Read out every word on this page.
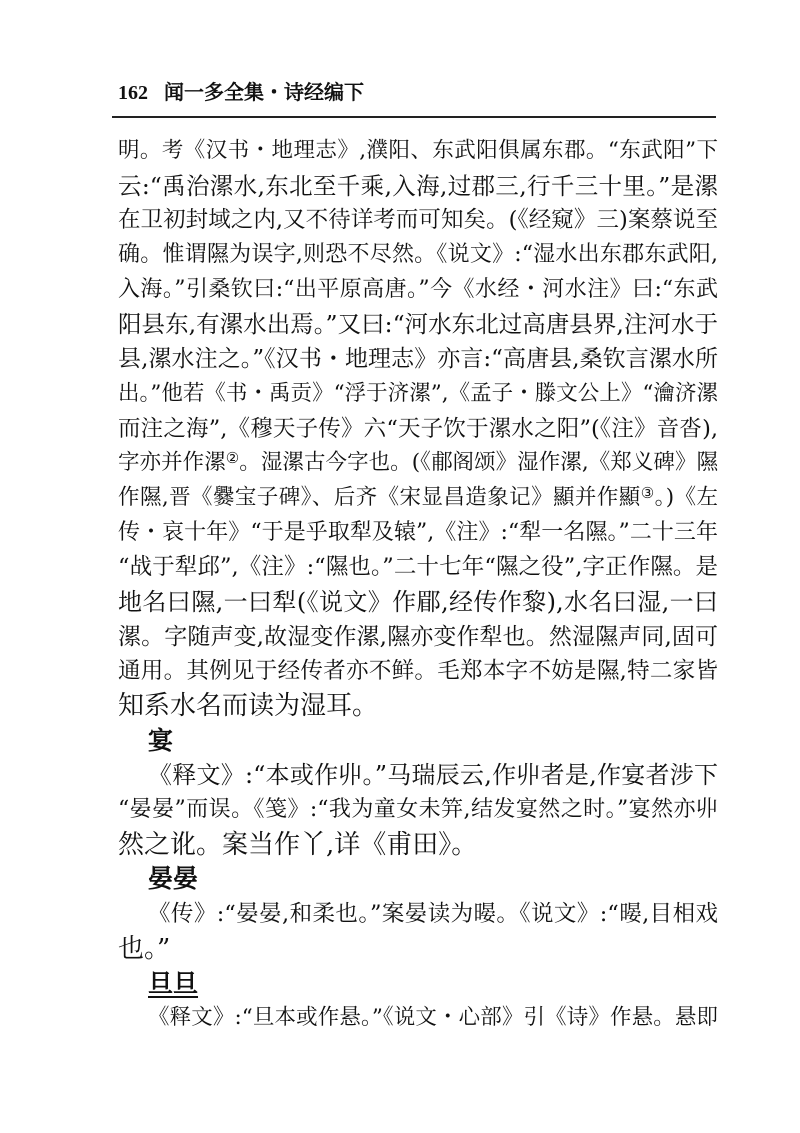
162 闻一多全集・诗经编下
明。考《汉书・地理志》,濮阳、东武阳俱属东郡。“东武阳”下
云:“禹治漯水,东北至千乘,入海,过郡三,行千三十里。”是漯
在卫初封域之内,又不待详考而可知矣。(《经窥》三)案蔡说至
确。惟谓隰为误字,则恐不尽然。《说文》:“湿水出东郡东武阳,
入海。”引桑钦曰:“出平原高唐。”今《水经・河水注》曰:“东武
阳县东,有漯水出焉。”又曰:“河水东北过高唐县界,注河水于
县,漯水注之。”《汉书・地理志》亦言:“高唐县,桑钦言漯水所
出。”他若《书・禹贡》“浮于济漯”,《孟子・滕文公上》“瀹济漯
而注之海”,《穆天子传》六“天子饮于漯水之阳”(《注》音沓),
字亦并作漯②。湿漯古今字也。(《郙阁颂》湿作漯,《郑义碑》隰
作隰,晋《爨宝子碑》、后齐《宋显昌造象记》顯并作顯③。)《左
传・哀十年》“于是乎取犁及辕”,《注》:“犁一名隰。”二十三年
“战于犁邱”,《注》:“隰也。”二十七年“隰之役”,字正作隰。是
地名曰隰,一曰犁(《说文》作郿,经传作黎),水名曰湿,一曰
漯。字随声变,故湿变作漯,隰亦变作犁也。然湿隰声同,固可
通用。其例见于经传者亦不鲜。毛郑本字不妨是隰,特二家皆
知系水名而读为湿耳。
宴
《释文》:“本或作丱。”马瑞辰云,作丱者是,作宴者涉下
“晏晏”而误。《笺》:“我为童女未笄,结发宴然之时。”宴然亦丱
然之讹。案当作丫,详《甫田》。
晏晏
《传》:“晏晏,和柔也。”案晏读为暥。《说文》:“暥,目相戏
也。”
旦旦
《释文》:“旦本或作悬。”《说文・心部》引《诗》作悬。悬即
